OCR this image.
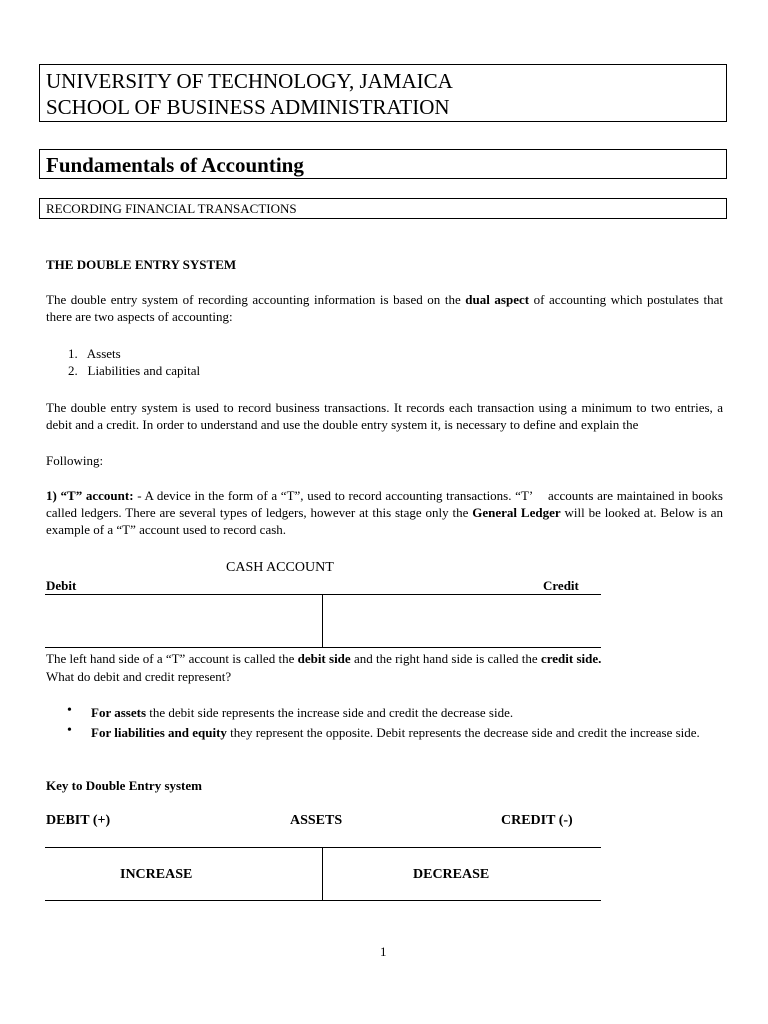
UNIVERSITY OF TECHNOLOGY, JAMAICA
SCHOOL OF BUSINESS ADMINISTRATION
Fundamentals of Accounting
RECORDING FINANCIAL TRANSACTIONS
THE DOUBLE ENTRY SYSTEM
The double entry system of recording accounting information is based on the dual aspect of accounting which postulates that there are two aspects of accounting:
1.   Assets
2.   Liabilities and capital
The double entry system is used to record business transactions. It records each transaction using a minimum to two entries, a debit and a credit. In order to understand and use the double entry system it, is necessary to define and explain the
Following:
1) “T” account: - A device in the form of a “T”, used to record accounting transactions. “T’    accounts are maintained in books called ledgers. There are several types of ledgers, however at this stage only the General Ledger will be looked at. Below is an example of a “T” account used to record cash.
CASH ACCOUNT
Debit	Credit
The left hand side of a “T” account is called the debit side and the right hand side is called the credit side.
What do debit and credit represent?
• For assets the debit side represents the increase side and credit the decrease side.
• For liabilities and equity they represent the opposite. Debit represents the decrease side and credit the increase side.
Key to Double Entry system
DEBIT (+)	ASSETS	CREDIT (-)
INCREASE	DECREASE
1
